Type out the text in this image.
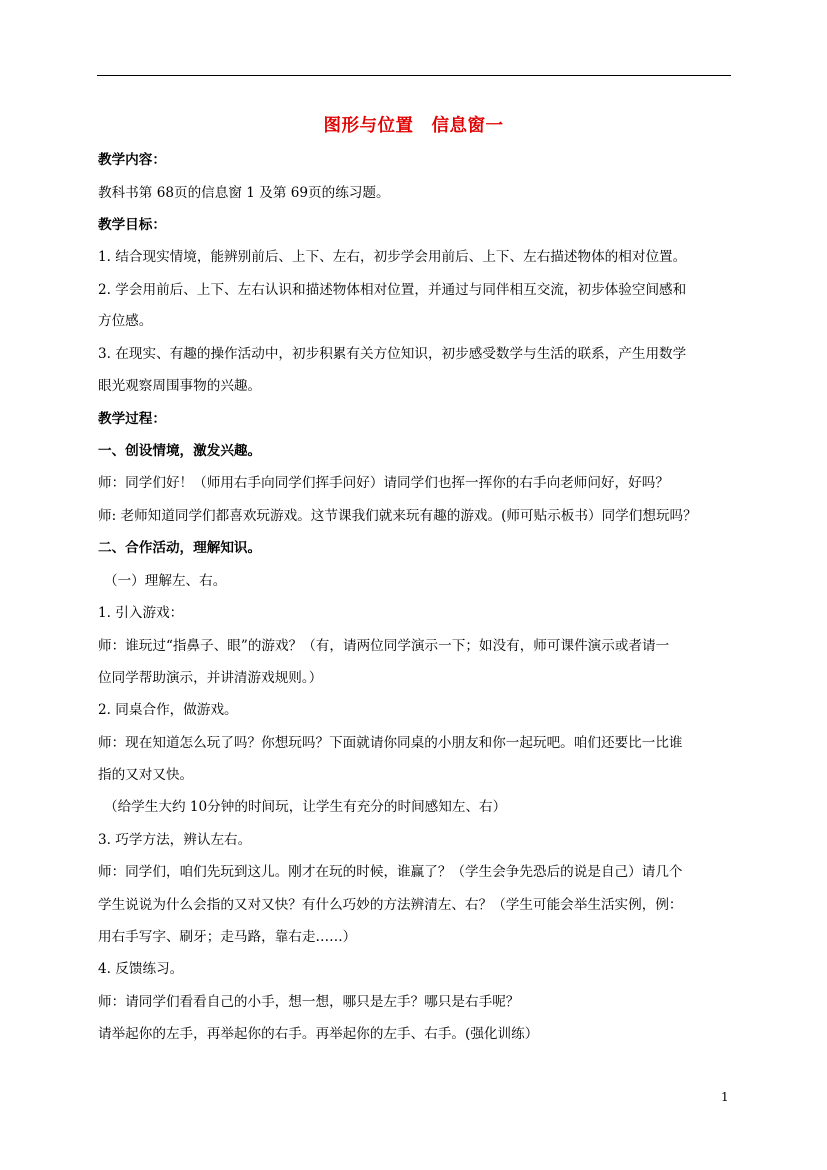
图形与位置　信息窗一
教学内容：
教科书第 68页的信息窗 1 及第 69页的练习题。
教学目标：
1. 结合现实情境，能辨别前后、上下、左右，初步学会用前后、上下、左右描述物体的相对位置。
2. 学会用前后、上下、左右认识和描述物体相对位置，并通过与同伴相互交流，初步体验空间感和
方位感。
3. 在现实、有趣的操作活动中，初步积累有关方位知识，初步感受数学与生活的联系，产生用数学
眼光观察周围事物的兴趣。
教学过程：
一、创设情境，激发兴趣。
师：同学们好！（师用右手向同学们挥手问好）请同学们也挥一挥你的右手向老师问好，好吗？
师: 老师知道同学们都喜欢玩游戏。这节课我们就来玩有趣的游戏。(师可贴示板书）同学们想玩吗？
二、合作活动，理解知识。
（一）理解左、右。
1. 引入游戏：
师：谁玩过“指鼻子、眼”的游戏？（有，请两位同学演示一下；如没有，师可课件演示或者请一
位同学帮助演示，并讲清游戏规则。）
2. 同桌合作，做游戏。
师：现在知道怎么玩了吗？你想玩吗？下面就请你同桌的小朋友和你一起玩吧。咱们还要比一比谁
指的又对又快。
（给学生大约 10分钟的时间玩，让学生有充分的时间感知左、右）
3. 巧学方法，辨认左右。
师：同学们，咱们先玩到这儿。刚才在玩的时候，谁赢了？（学生会争先恐后的说是自己）请几个
学生说说为什么会指的又对又快？有什么巧妙的方法辨清左、右？（学生可能会举生活实例，例：
用右手写字、刷牙；走马路，靠右走……）
4. 反馈练习。
师：请同学们看看自己的小手，想一想，哪只是左手？哪只是右手呢？
请举起你的左手，再举起你的右手。再举起你的左手、右手。(强化训练）
1
